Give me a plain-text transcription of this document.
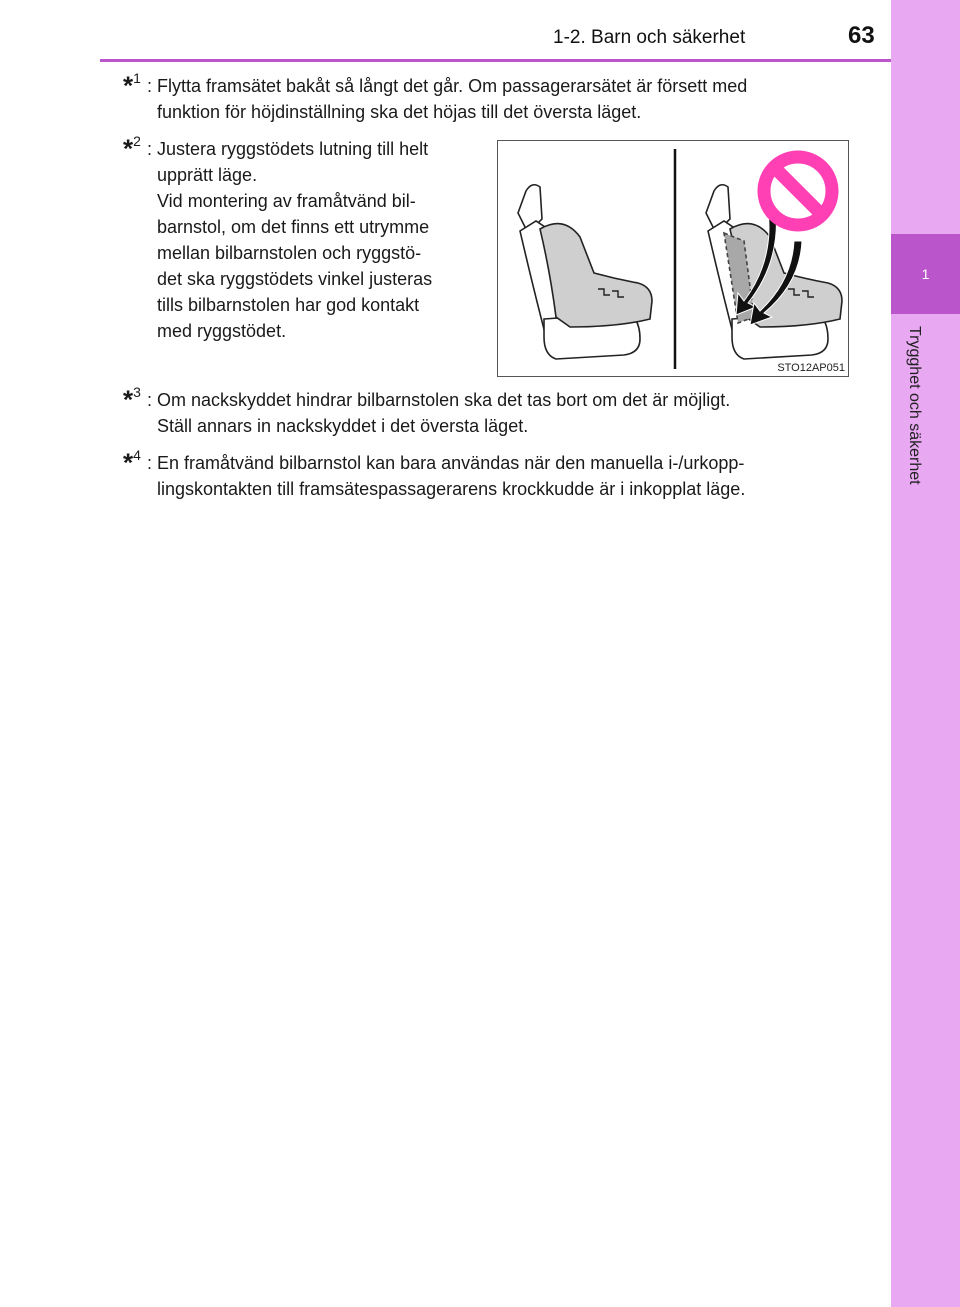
1
Trygghet och säkerhet
1-2. Barn och säkerhet	63
*$^1$ : Flytta framsätet bakåt så långt det går. Om passagerarsätet är försett med

funktion för höjdinställning ska det höjas till det översta läget.

*$^2$ : Justera ryggstödets lutning till helt

upprätt läge.

Vid montering av framåtvänd bil-

barnstol, om det finns ett utrymme

mellan bilbarnstolen och ryggstö-

det ska ryggstödets vinkel justeras

tills bilbarnstolen har god kontakt

med ryggstödet.

STO12AP051
*$^3$ : Om nackskyddet hindrar bilbarnstolen ska det tas bort om det är möjligt.

Ställ annars in nackskyddet i det översta läget.

*$^4$ : En framåtvänd bilbarnstol kan bara användas när den manuella i-/urkopp-

lingskontakten till framsätespassagerarens krockkudde är i inkopplat läge.
